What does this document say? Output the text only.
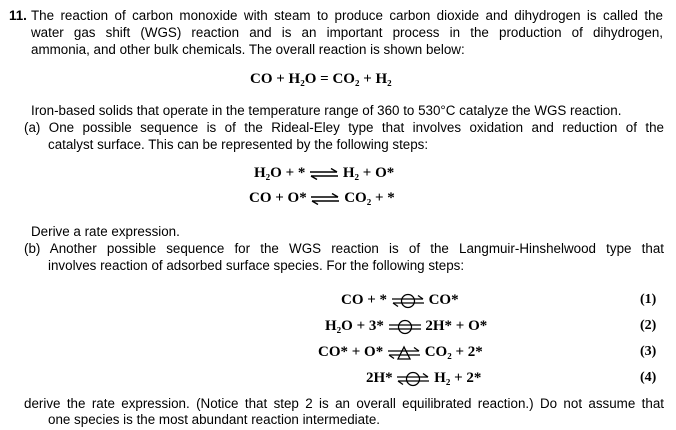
11. The reaction of carbon monoxide with steam to produce carbon dioxide and dihydrogen is called the
water gas shift (WGS) reaction and is an important process in the production of dihydrogen,
ammonia, and other bulk chemicals. The overall reaction is shown below:
CO + H₂O = CO₂ + H₂
Iron-based solids that operate in the temperature range of 360 to 530°C catalyze the WGS reaction.
(a) One possible sequence is of the Rideal-Eley type that involves oxidation and reduction of the
catalyst surface. This can be represented by the following steps:
H₂O + * ⇌ H₂ + O*
CO + O* ⇌ CO₂ + *
Derive a rate expression.
(b) Another possible sequence for the WGS reaction is of the Langmuir-Hinshelwood type that
involves reaction of adsorbed surface species. For the following steps:
CO + *	CO*	(1)
H₂O + 3*	2H* + O*	(2)
CO* + O*	CO₂ + 2*	(3)
2H*	H₂ + 2*	(4)
derive the rate expression. (Notice that step 2 is an overall equilibrated reaction.) Do not assume that
one species is the most abundant reaction intermediate.
